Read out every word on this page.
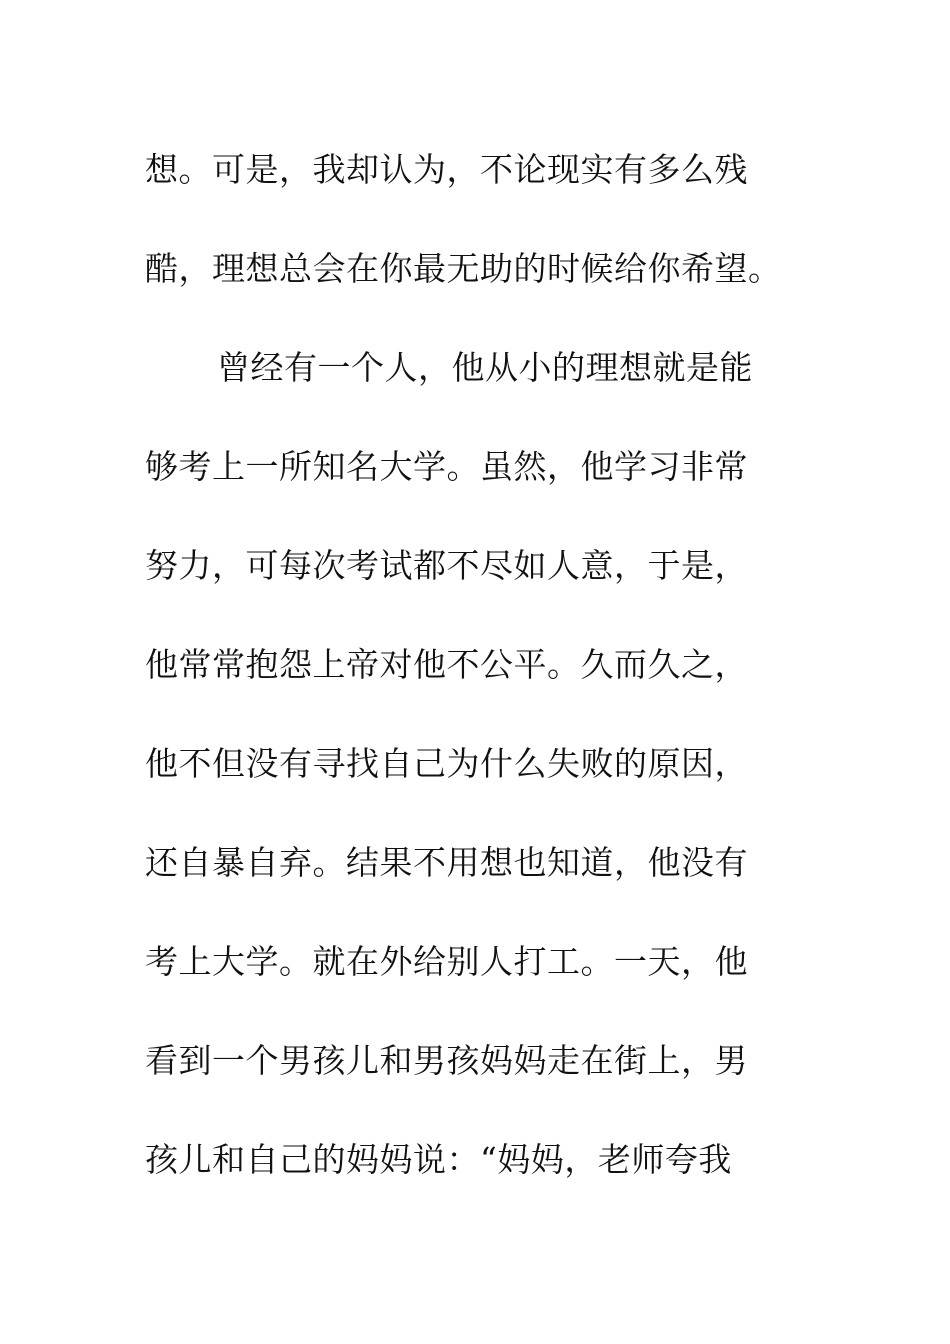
想。可是，我却认为，不论现实有多么残
酷，理想总会在你最无助的时候给你希望。
曾经有一个人，他从小的理想就是能
够考上一所知名大学。虽然，他学习非常
努力，可每次考试都不尽如人意，于是，
他常常抱怨上帝对他不公平。久而久之，
他不但没有寻找自己为什么失败的原因，
还自暴自弃。结果不用想也知道，他没有
考上大学。就在外给别人打工。一天，他
看到一个男孩儿和男孩妈妈走在街上，男
孩儿和自己的妈妈说：“妈妈，老师夸我
